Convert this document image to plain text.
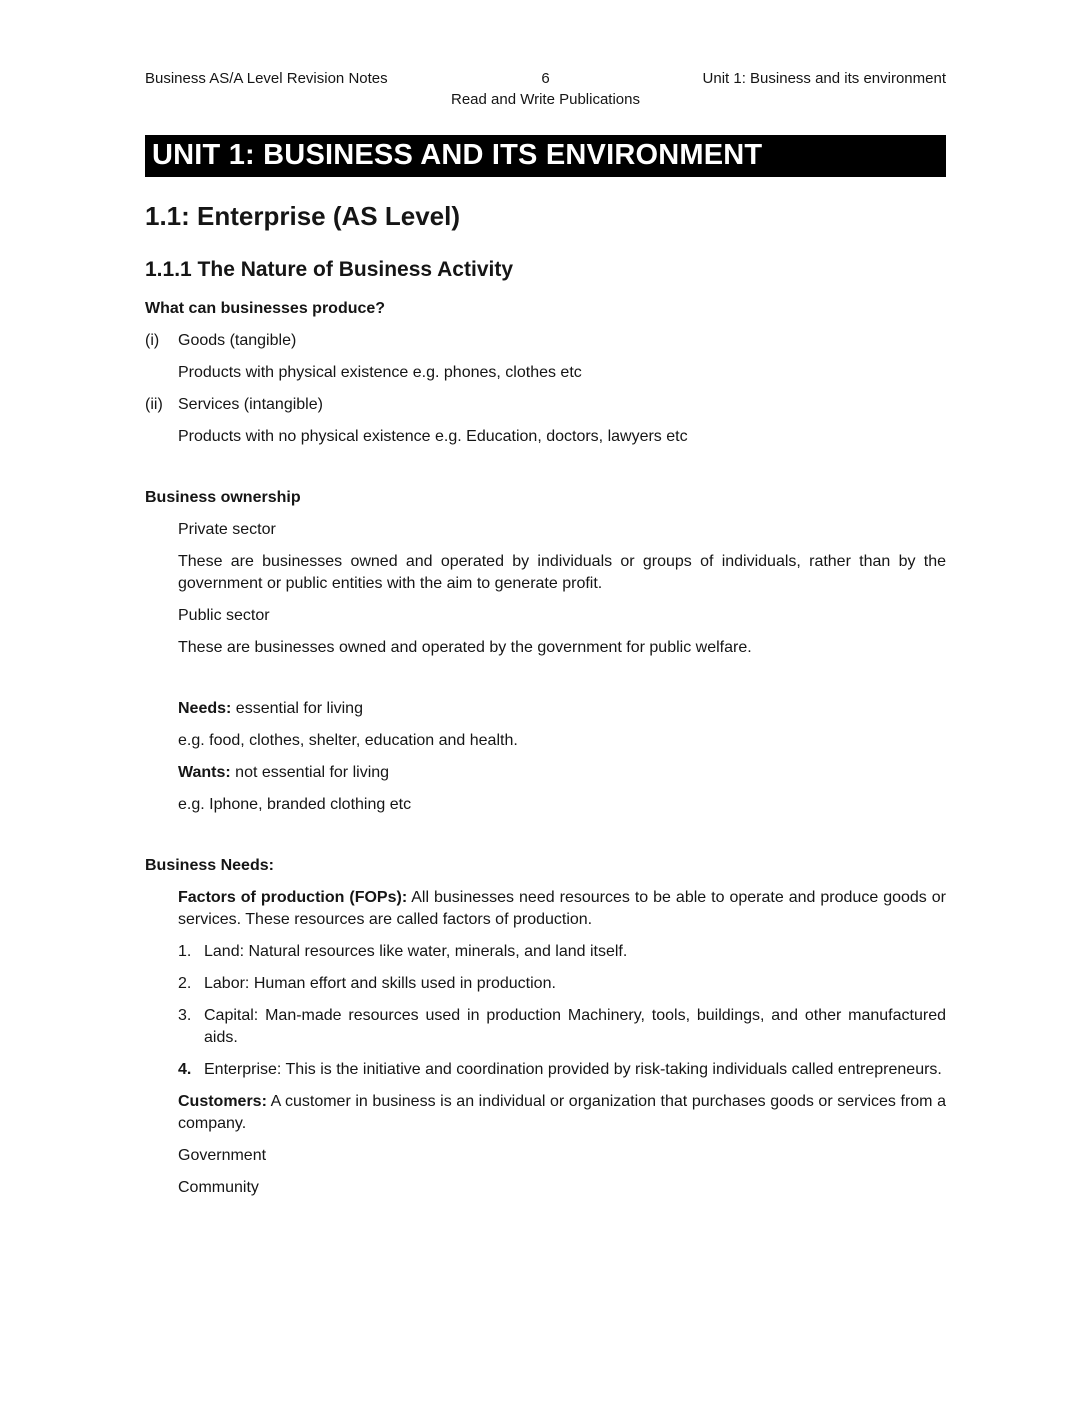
Business AS/A Level Revision Notes	6
Read and Write Publications
Unit 1: Business and its environment
UNIT 1: BUSINESS AND ITS ENVIRONMENT
1.1: Enterprise (AS Level)
1.1.1 The Nature of Business Activity
What can businesses produce?
(i)	Goods (tangible)

Products with physical existence e.g. phones, clothes etc

(ii) Services (intangible)

Products with no physical existence e.g. Education, doctors, lawyers etc

Business ownership
Private sector

These are businesses owned and operated by individuals or groups of individuals, rather than by the government or public entities with the aim to generate profit.

Public sector

These are businesses owned and operated by the government for public welfare.

Needs: essential for living

e.g. food, clothes, shelter, education and health.

Wants: not essential for living

e.g. Iphone, branded clothing etc

Business Needs:

Factors of production (FOPs): All businesses need resources to be able to operate and produce goods or services. These resources are called factors of production.

1. Land: Natural resources like water, minerals, and land itself.

2. Labor: Human effort and skills used in production.

3. Capital: Man-made resources used in production Machinery, tools, buildings, and other manufactured aids.

4. Enterprise: This is the initiative and coordination provided by risk-taking individuals called entrepreneurs.

Customers: A customer in business is an individual or organization that purchases goods or services from a company.

Government
Community
